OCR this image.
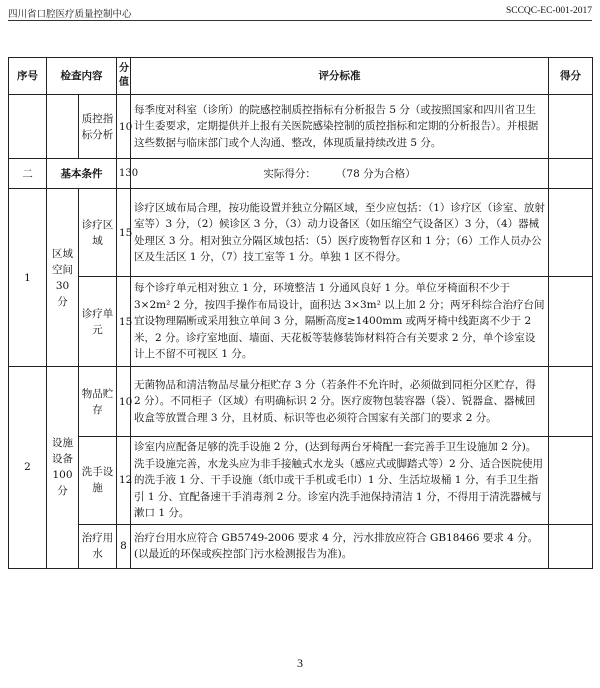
四川省口腔医疗质量控制中心	SCCQC-EC-001-2017
序号	检查内容		分值	评分标准	得分
		质控指标分析	10	每季度对科室（诊所）的院感控制质控指标有分析报告 5 分（或按照国家和四川省卫生计生委要求，定期提供并上报有关医院感染控制的质控指标和定期的分析报告）。并根据这些数据与临床部门或个人沟通、整改，体现质量持续改进 5 分。	
二	基本条件		130	实际得分： （78 分为合格）	
1	区域空间30 分	诊疗区域	15	诊疗区域布局合理，按功能设置并独立分隔区域，至少应包括：（1）诊疗区（诊室、放射室等）3 分，（2）候诊区 3 分，（3）动力设备区（如压缩空气设备区）3 分，（4）器械处理区 3 分。相对独立分隔区域包括：（5）医疗废物暂存区和 1 分；（6）工作人员办公区及生活区 1 分，（7）技工室等 1 分。单独 1 区不得分。	
		诊疗单元	15	每个诊疗单元相对独立 1 分，环境整洁 1 分通风良好 1 分。单位牙椅面积不少于 3×2m² 2 分，按四手操作布局设计，面积达 3×3m² 以上加 2 分；两牙科综合治疗台间宜设物理隔断或采用独立单间 3 分，隔断高度≥1400mm 或两牙椅中线距离不少于 2 米，2 分。诊疗室地面、墙面、天花板等装修装饰材料符合有关要求 2 分，单个诊室设计上不留不可视区 1 分。	
2	设施设备100 分	物品贮存	10	无菌物品和清洁物品尽量分柜贮存 3 分（若条件不允许时，必须做到同柜分区贮存，得 2 分）。不同柜子（区域）有明确标识 2 分。医疗废物包装容器（袋）、锐器盒、器械回收盒等放置合理 3 分，且材质、标识等也必须符合国家有关部门的要求 2 分。	
		洗手设施	12	诊室内应配备足够的洗手设施 2 分，(达到每两台牙椅配一套完善手卫生设施加 2 分)。洗手设施完善，水龙头应为非手接触式水龙头（感应式或脚踏式等）2 分、适合医院使用的洗手液 1 分、干手设施（纸巾或干手机或毛巾）1 分、生活垃圾桶 1 分，有手卫生指引 1 分、宜配备速干手消毒剂 2 分。诊室内洗手池保持清洁 1 分，不得用于清洗器械与漱口 1 分。	
		治疗用水	8	治疗台用水应符合 GB5749-2006 要求 4 分，污水排放应符合 GB18466 要求 4 分。(以最近的环保或疾控部门污水检测报告为准)。	
3
